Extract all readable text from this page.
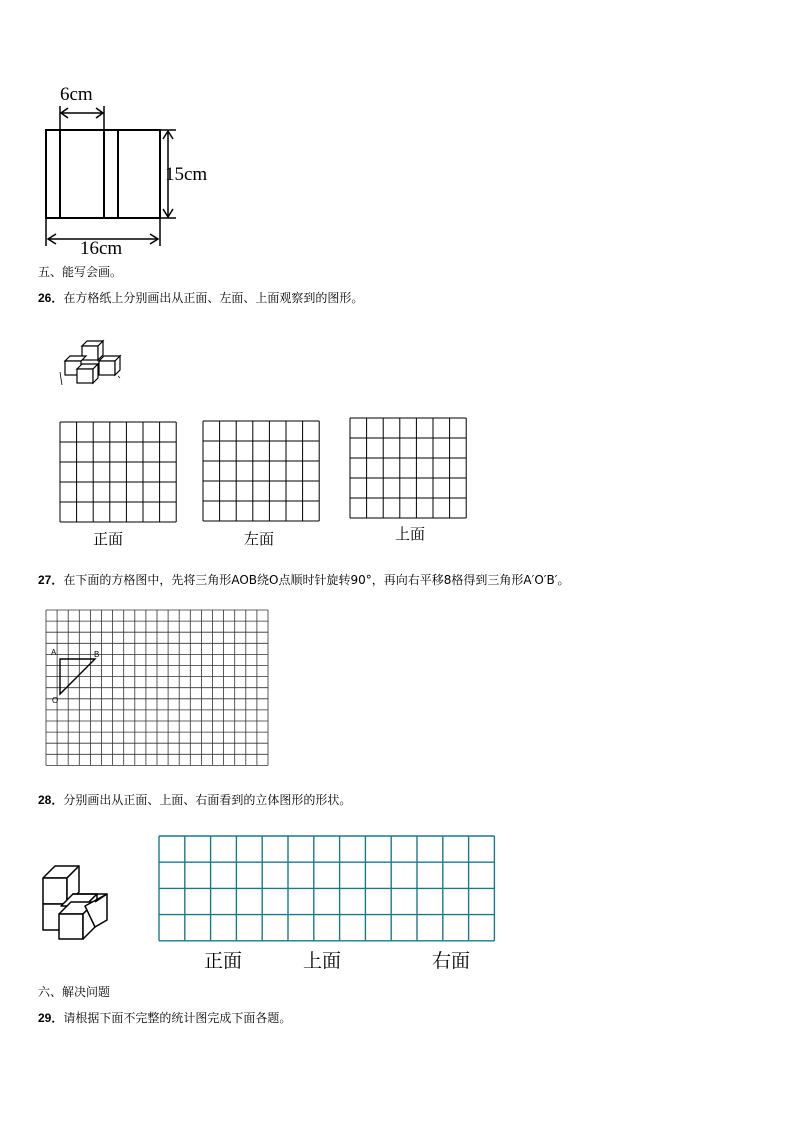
6cm
15cm
16cm
五、能写会画。
26．在方格纸上分别画出从正面、左面、上面观察到的图形。
正面	左面	上面
27．在下面的方格图中，先将三角形AOB绕O点顺时针旋转90°，再向右平移8格得到三角形A′O′B′。
A	B
O
28．分别画出从正面、上面、右面看到的立体图形的形状。
正面	上面	右面
六、解决问题
29．请根据下面不完整的统计图完成下面各题。
